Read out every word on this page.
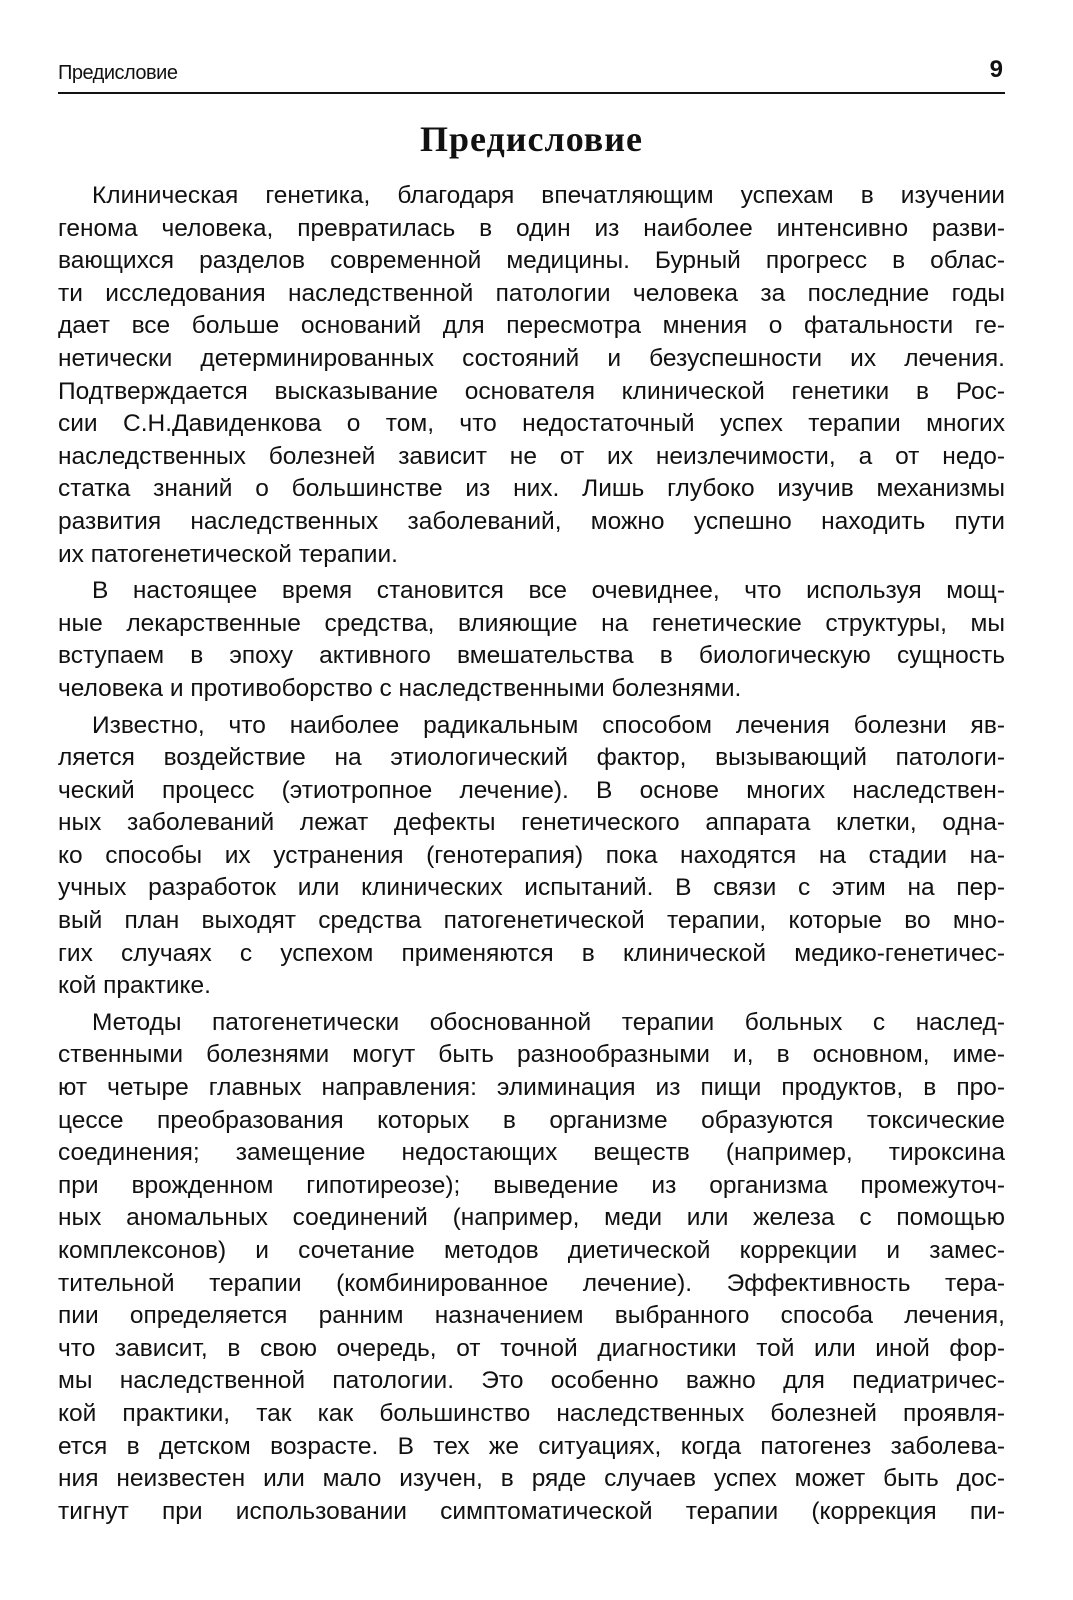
Предисловие	9
Предисловие

Клиническая генетика, благодаря впечатляющим успехам в изучении
генома человека, превратилась в один из наиболее интенсивно разви-
вающихся разделов современной медицины. Бурный прогресс в облас-
ти исследования наследственной патологии человека за последние годы
дает все больше оснований для пересмотра мнения о фатальности ге-
нетически детерминированных состояний и безуспешности их лечения.
Подтверждается высказывание основателя клинической генетики в Рос-
сии С.Н.Давиденкова о том, что недостаточный успех терапии многих
наследственных болезней зависит не от их неизлечимости, а от недо-
статка знаний о большинстве из них. Лишь глубоко изучив механизмы
развития наследственных заболеваний, можно успешно находить пути
их патогенетической терапии.

В настоящее время становится все очевиднее, что используя мощ-
ные лекарственные средства, влияющие на генетические структуры, мы
вступаем в эпоху активного вмешательства в биологическую сущность
человека и противоборство с наследственными болезнями.

Известно, что наиболее радикальным способом лечения болезни яв-
ляется воздействие на этиологический фактор, вызывающий патологи-
ческий процесс (этиотропное лечение). В основе многих наследствен-
ных заболеваний лежат дефекты генетического аппарата клетки, одна-
ко способы их устранения (генотерапия) пока находятся на стадии на-
учных разработок или клинических испытаний. В связи с этим на пер-
вый план выходят средства патогенетической терапии, которые во мно-
гих случаях с успехом применяются в клинической медико-генетичес-
кой практике.

Методы патогенетически обоснованной терапии больных с наслед-
ственными болезнями могут быть разнообразными и, в основном, име-
ют четыре главных направления: элиминация из пищи продуктов, в про-
цессе преобразования которых в организме образуются токсические
соединения; замещение недостающих веществ (например, тироксина
при врожденном гипотиреозе); выведение из организма промежуточ-
ных аномальных соединений (например, меди или железа с помощью
комплексонов) и сочетание методов диетической коррекции и замес-
тительной терапии (комбинированное лечение). Эффективность тера-
пии определяется ранним назначением выбранного способа лечения,
что зависит, в свою очередь, от точной диагностики той или иной фор-
мы наследственной патологии. Это особенно важно для педиатричес-
кой практики, так как большинство наследственных болезней проявля-
ется в детском возрасте. В тех же ситуациях, когда патогенез заболева-
ния неизвестен или мало изучен, в ряде случаев успех может быть дос-
тигнут при использовании симптоматической терапии (коррекция пи-
